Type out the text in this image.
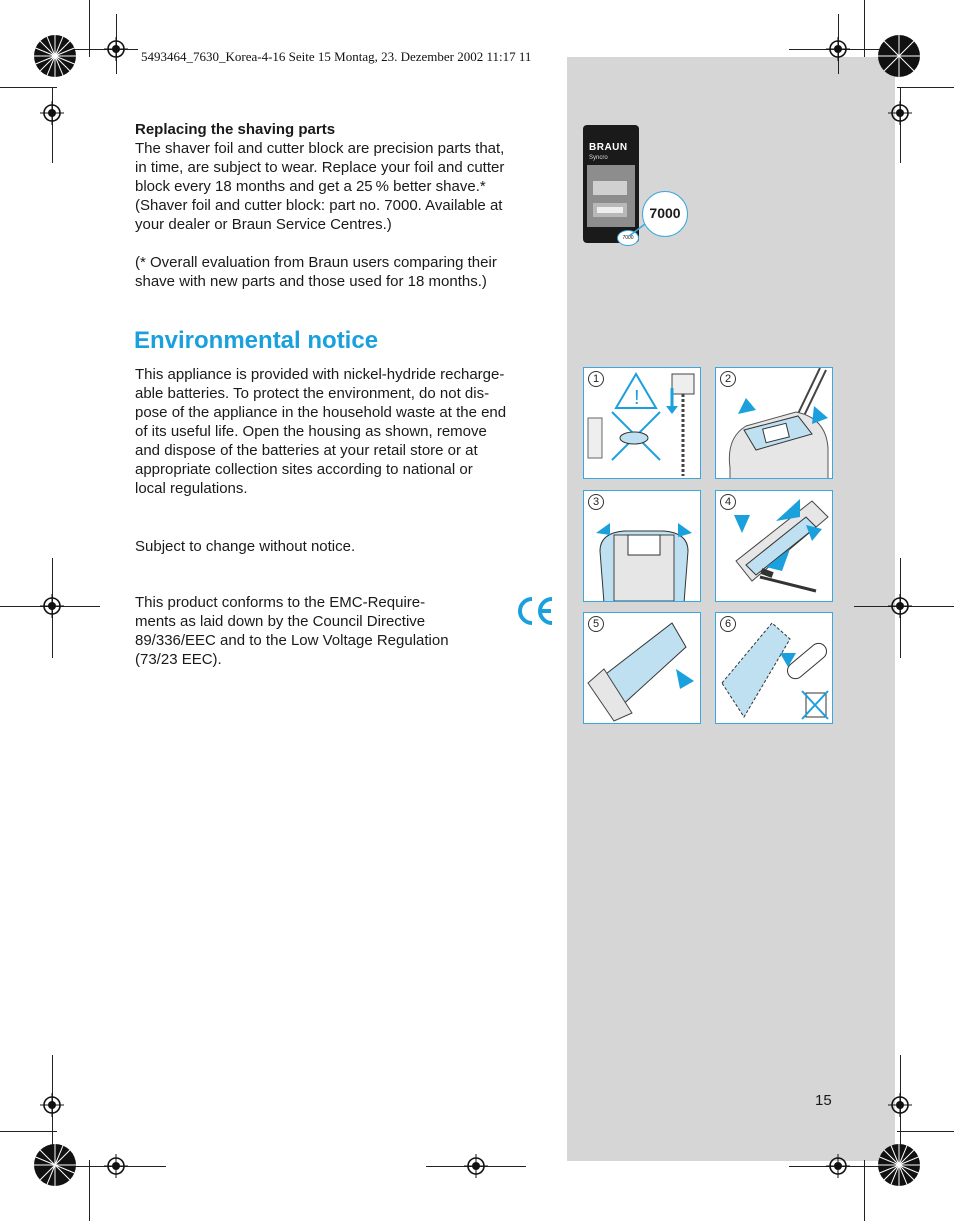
5493464_7630_Korea-4-16 Seite 15 Montag, 23. Dezember 2002 11:17 11
Replacing the shaving parts
The shaver foil and cutter block are precision parts that,
in time, are subject to wear. Replace your foil and cutter
block every 18 months and get a 25 % better shave.*
(Shaver foil and cutter block: part no. 7000. Available at
your dealer or Braun Service Centres.)
(* Overall evaluation from Braun users comparing their
shave with new parts and those used for 18 months.)
Environmental notice
This appliance is provided with nickel-hydride recharge-
able batteries. To protect the environment, do not dis-
pose of the appliance in the household waste at the end
of its useful life. Open the housing as shown, remove
and dispose of the batteries at your retail store or at
appropriate collection sites according to national or
local regulations.
Subject to change without notice.
This product conforms to the EMC-Require-
ments as laid down by the Council Directive
89/336/EEC and to the Low Voltage Regulation
(73/23 EEC).
BRAUN
Syncro
7000
7000
1
!
2
3	4
5	6
15
